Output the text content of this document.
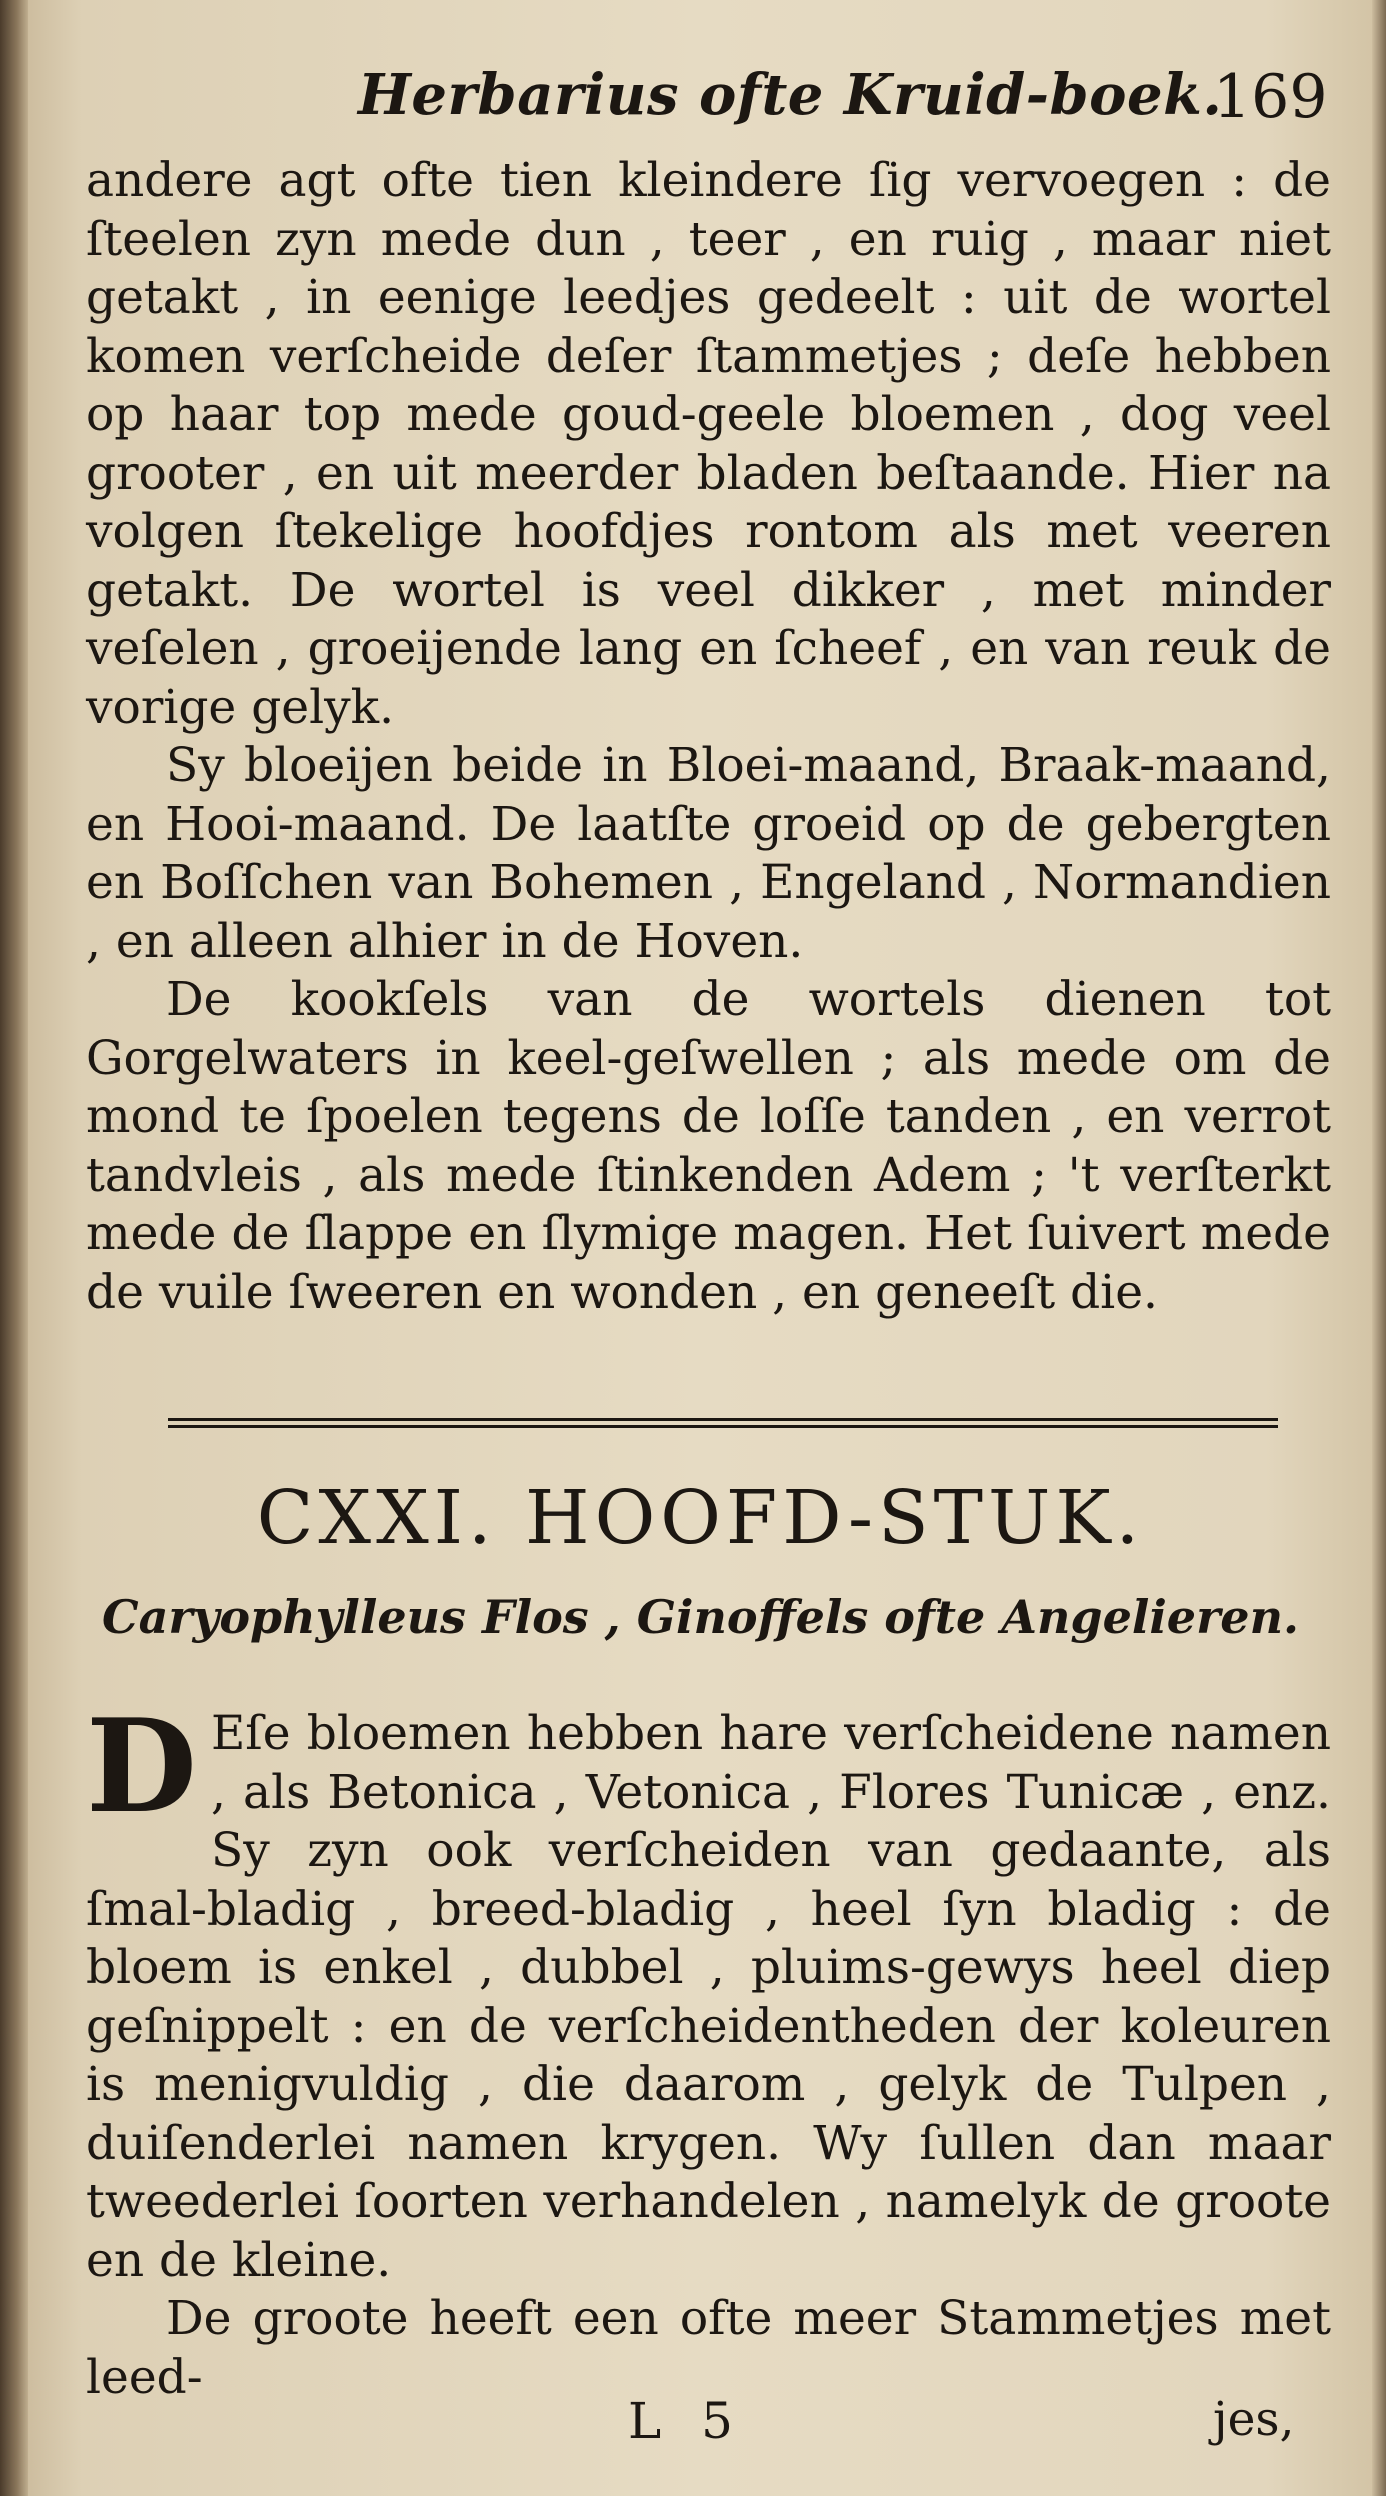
Herbarius ofte Kruid-boek.
169

andere agt ofte tien kleindere ſig vervoegen : de ſteelen zyn mede dun , teer , en ruig , maar niet getakt , in eenige leedjes gedeelt : uit de wortel komen verſcheide deſer ſtammetjes ; deſe hebben op haar top mede goud-geele bloemen , dog veel grooter , en uit meerder bladen beſtaande. Hier na volgen ſtekelige hoofdjes rontom als met veeren getakt. De wortel is veel dikker , met minder veſelen , groeijende lang en ſcheef , en van reuk de vorige gelyk.

Sy bloeijen beide in Bloei-maand, Braak-maand, en Hooi-maand. De laatſte groeid op de gebergten en Boſſchen van Bohemen , Engeland , Normandien , en alleen alhier in de Hoven.

De kookſels van de wortels dienen tot Gorgelwaters in keel-geſwellen ; als mede om de mond te ſpoelen tegens de loſſe tanden , en verrot tandvleis , als mede ſtinkenden Adem ; 't verſterkt mede de ſlappe en ſlymige magen. Het ſuivert mede de vuile ſweeren en wonden , en geneeſt die.

CXXI. HOOFD-STUK.
Caryophylleus Flos , Ginoffels ofte Angelieren.

D Eſe bloemen hebben hare verſcheidene namen , als Betonica , Vetonica , Flores Tunicæ , enz. Sy zyn ook verſcheiden van gedaante, als ſmal-bladig , breed-bladig , heel ſyn bladig : de bloem is enkel , dubbel , pluims-gewys heel diep geſnippelt : en de verſcheidentheden der koleuren is menigvuldig , die daarom , gelyk de Tulpen , duiſenderlei namen krygen. Wy ſullen dan maar tweederlei ſoorten verhandelen , namelyk de groote en de kleine.

De groote heeft een ofte meer Stammetjes met leed-

L 5	jes,
